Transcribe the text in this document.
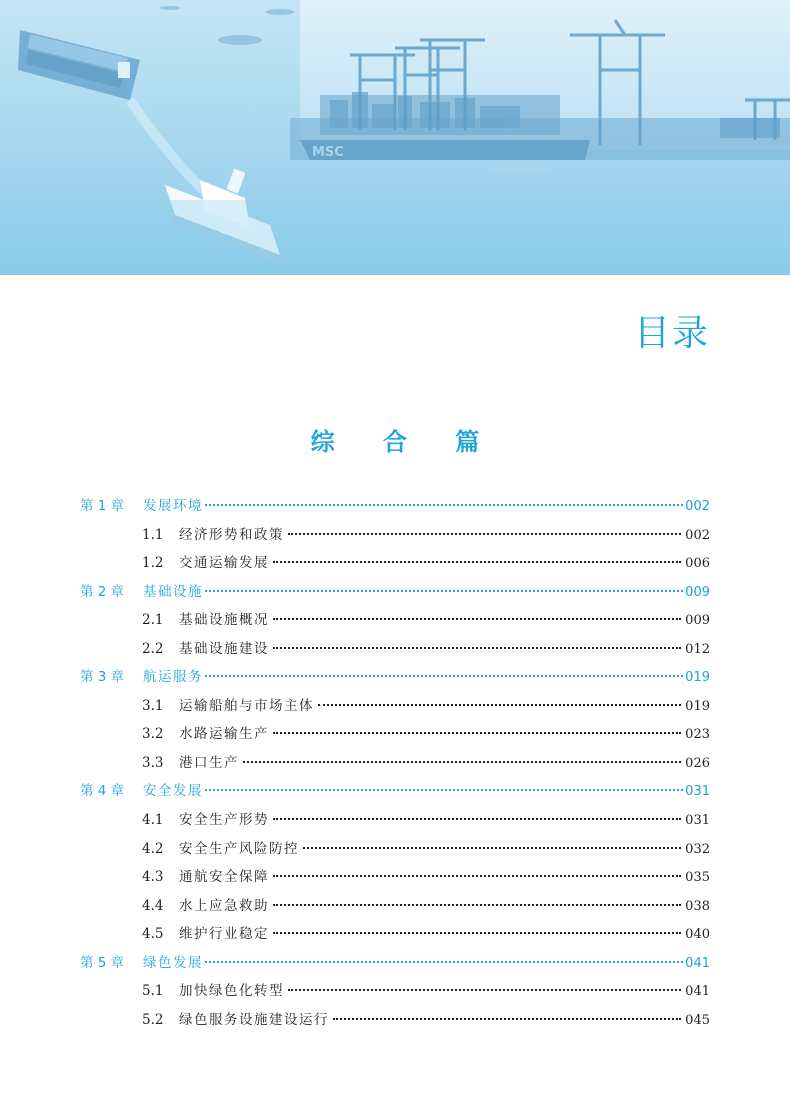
MSC
目录
综 合 篇
第 1 章	发展环境	002
1.1	经济形势和政策	002
1.2	交通运输发展	006
第 2 章	基础设施	009
2.1	基础设施概况	009
2.2	基础设施建设	012
第 3 章	航运服务	019
3.1	运输船舶与市场主体	019
3.2	水路运输生产	023
3.3	港口生产	026
第 4 章	安全发展	031
4.1	安全生产形势	031
4.2	安全生产风险防控	032
4.3	通航安全保障	035
4.4	水上应急救助	038
4.5	维护行业稳定	040
第 5 章	绿色发展	041
5.1	加快绿色化转型	041
5.2	绿色服务设施建设运行	045
